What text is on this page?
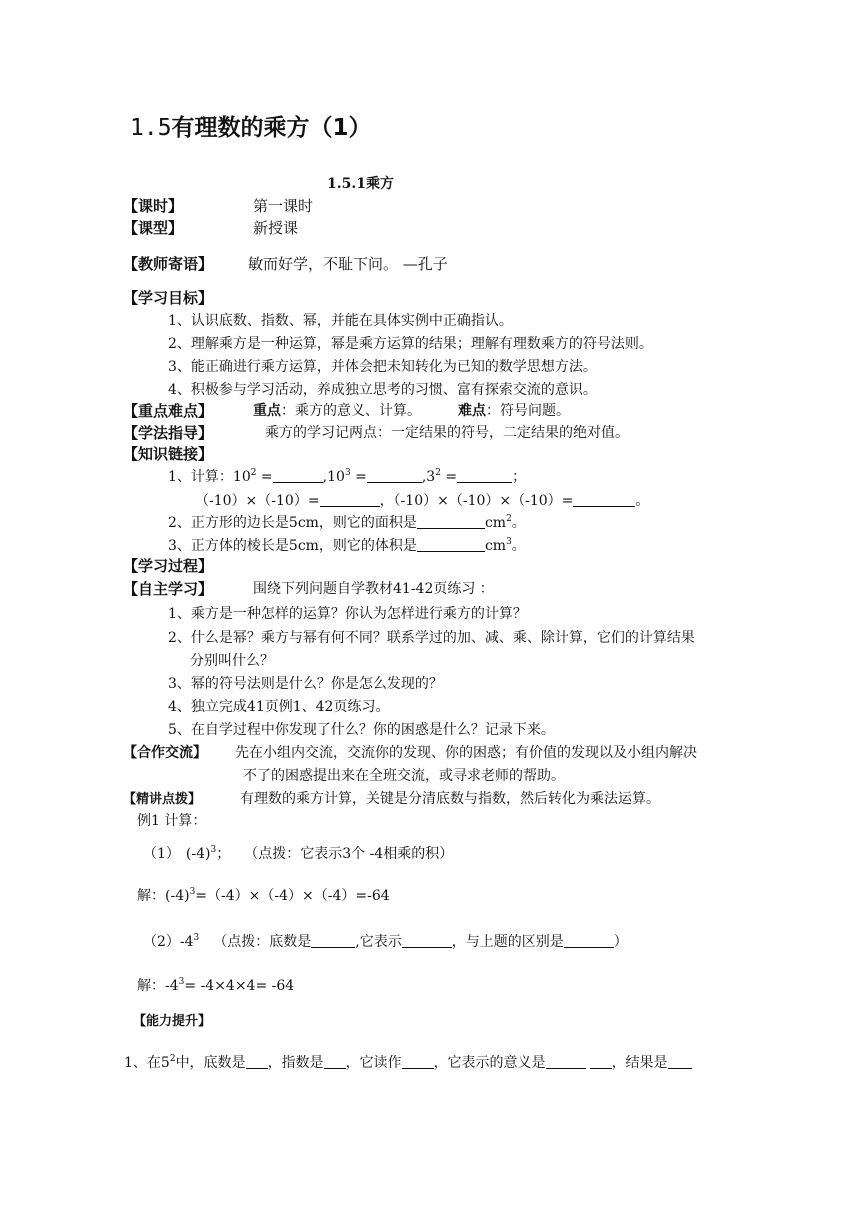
1.5有理数的乘方（1）
1.5.1乘方
【课时】	第一课时
【课型】	新授课
【教师寄语】 敏而好学，不耻下问。 —孔子
【学习目标】
1、认识底数、指数、幂，并能在具体实例中正确指认。
2、理解乘方是一种运算，幂是乘方运算的结果；理解有理数乘方的符号法则。
3、能正确进行乘方运算，并体会把未知转化为已知的数学思想方法。
4、积极参与学习活动，养成独立思考的习惯、富有探索交流的意识。
【重点难点】	重点：乘方的意义、计算。	难点：符号问题。
【学法指导】	乘方的学习记两点：一定结果的符号，二定结果的绝对值。
【知识链接】
1、计算：$10^2$ =	$,10^3$ =	$,3^2$ =	；
（-10）×（-10）=	，（-10）×（-10）×（-10）=	。
2、正方形的边长是5cm，则它的面积是	$cm^2$。
3、正方体的棱长是5cm，则它的体积是	$cm^3$。
【学习过程】
【自主学习】	围绕下列问题自学教材41-42页练习 ：
1、乘方是一种怎样的运算？你认为怎样进行乘方的计算？
2、什么是幂？乘方与幂有何不同？联系学过的加、减、乘、除计算，它们的计算结果
分别叫什么？
3、幂的符号法则是什么？你是怎么发现的？
4、独立完成41页例1、42页练习。
5、在自学过程中你发现了什么？你的困惑是什么？记录下来。
【合作交流】 先在小组内交流，交流你的发现、你的困惑；有价值的发现以及小组内解决
不了的困惑提出来在全班交流，或寻求老师的帮助。
【精讲点拨】	有理数的乘方计算，关键是分清底数与指数，然后转化为乘法运算。
例1 计算：
（1） $(-4)^3$； （点拨：它表示3个 -4相乘的积）
解：$(-4)^3=(-4)\times(-4)\times(-4)=-64$
$(2)-4^3$ （点拨：底数是	,它表示	，与上题的区别是	）
解：$-4^3= -4\times 4\times 4= -64$
【能力提升】
1、在$5^2$中，底数是 ，指数是 ，它读作 ，它表示的意义是	，结果是
